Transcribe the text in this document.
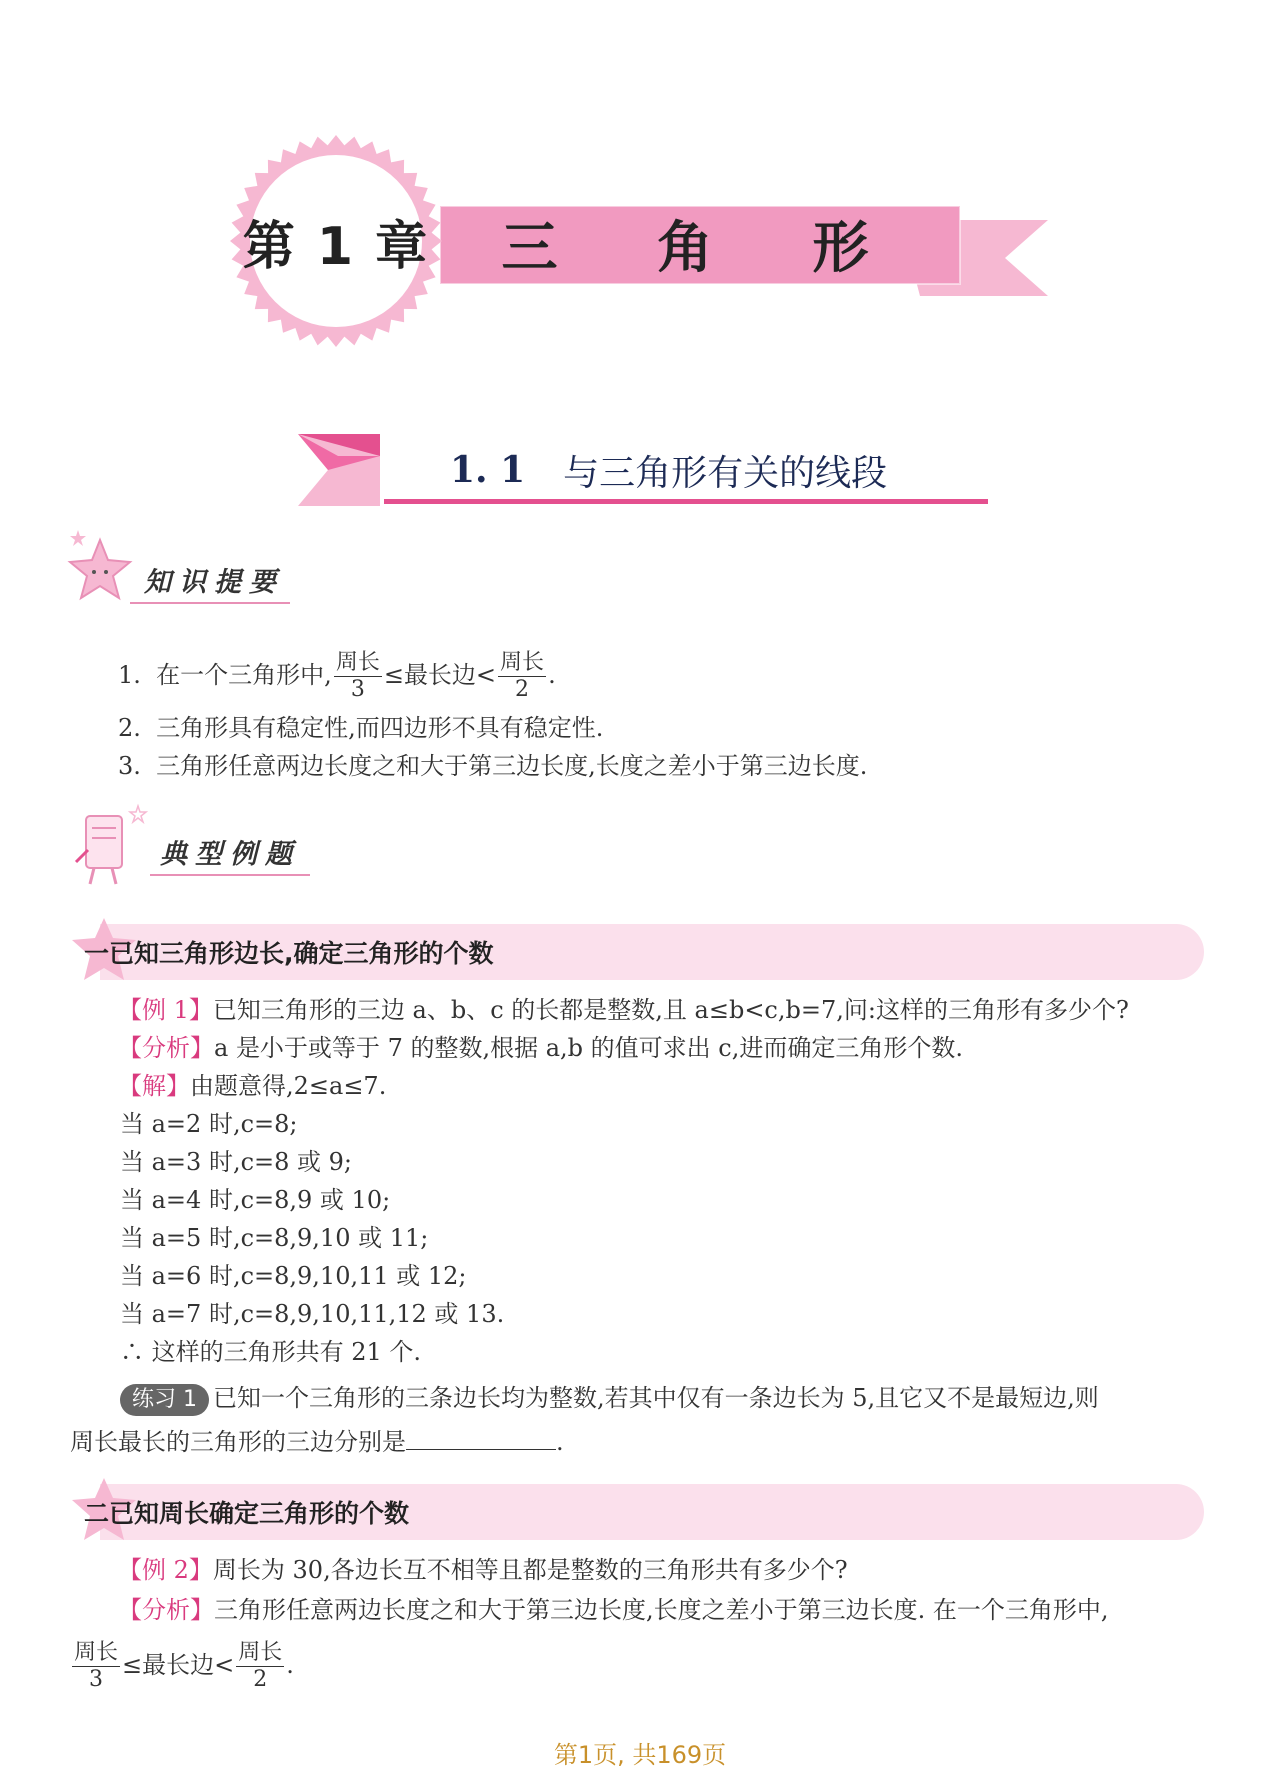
第 1 章	三 角 形
1. 1 与三角形有关的线段
知识提要
1. 在一个三角形中, $\frac{\text{周长}}{3}$ ≤最长边< $\frac{\text{周长}}{2}$ .
2. 三角形具有稳定性,而四边形不具有稳定性.
3. 三角形任意两边长度之和大于第三边长度,长度之差小于第三边长度.
典型例题
一已知三角形边长,确定三角形的个数
【例 1】已知三角形的三边 a、b、c 的长都是整数,且 a≤b<c,b=7,问:这样的三角形有多少个?
【分析】a 是小于或等于 7 的整数,根据 a,b 的值可求出 c,进而确定三角形个数.
【解】由题意得,2≤a≤7.
当 a=2 时,c=8;
当 a=3 时,c=8 或 9;
当 a=4 时,c=8,9 或 10;
当 a=5 时,c=8,9,10 或 11;
当 a=6 时,c=8,9,10,11 或 12;
当 a=7 时,c=8,9,10,11,12 或 13.
∴ 这样的三角形共有 21 个.
练习 1 已知一个三角形的三条边长均为整数,若其中仅有一条边长为 5,且它又不是最短边,则
周长最长的三角形的三边分别是	.
二已知周长确定三角形的个数
【例 2】周长为 30,各边长互不相等且都是整数的三角形共有多少个?
【分析】三角形任意两边长度之和大于第三边长度,长度之差小于第三边长度. 在一个三角形中,
$\frac{\text{周长}}{3}$ ≤最长边< $\frac{\text{周长}}{2}$ .
第1页, 共169页
